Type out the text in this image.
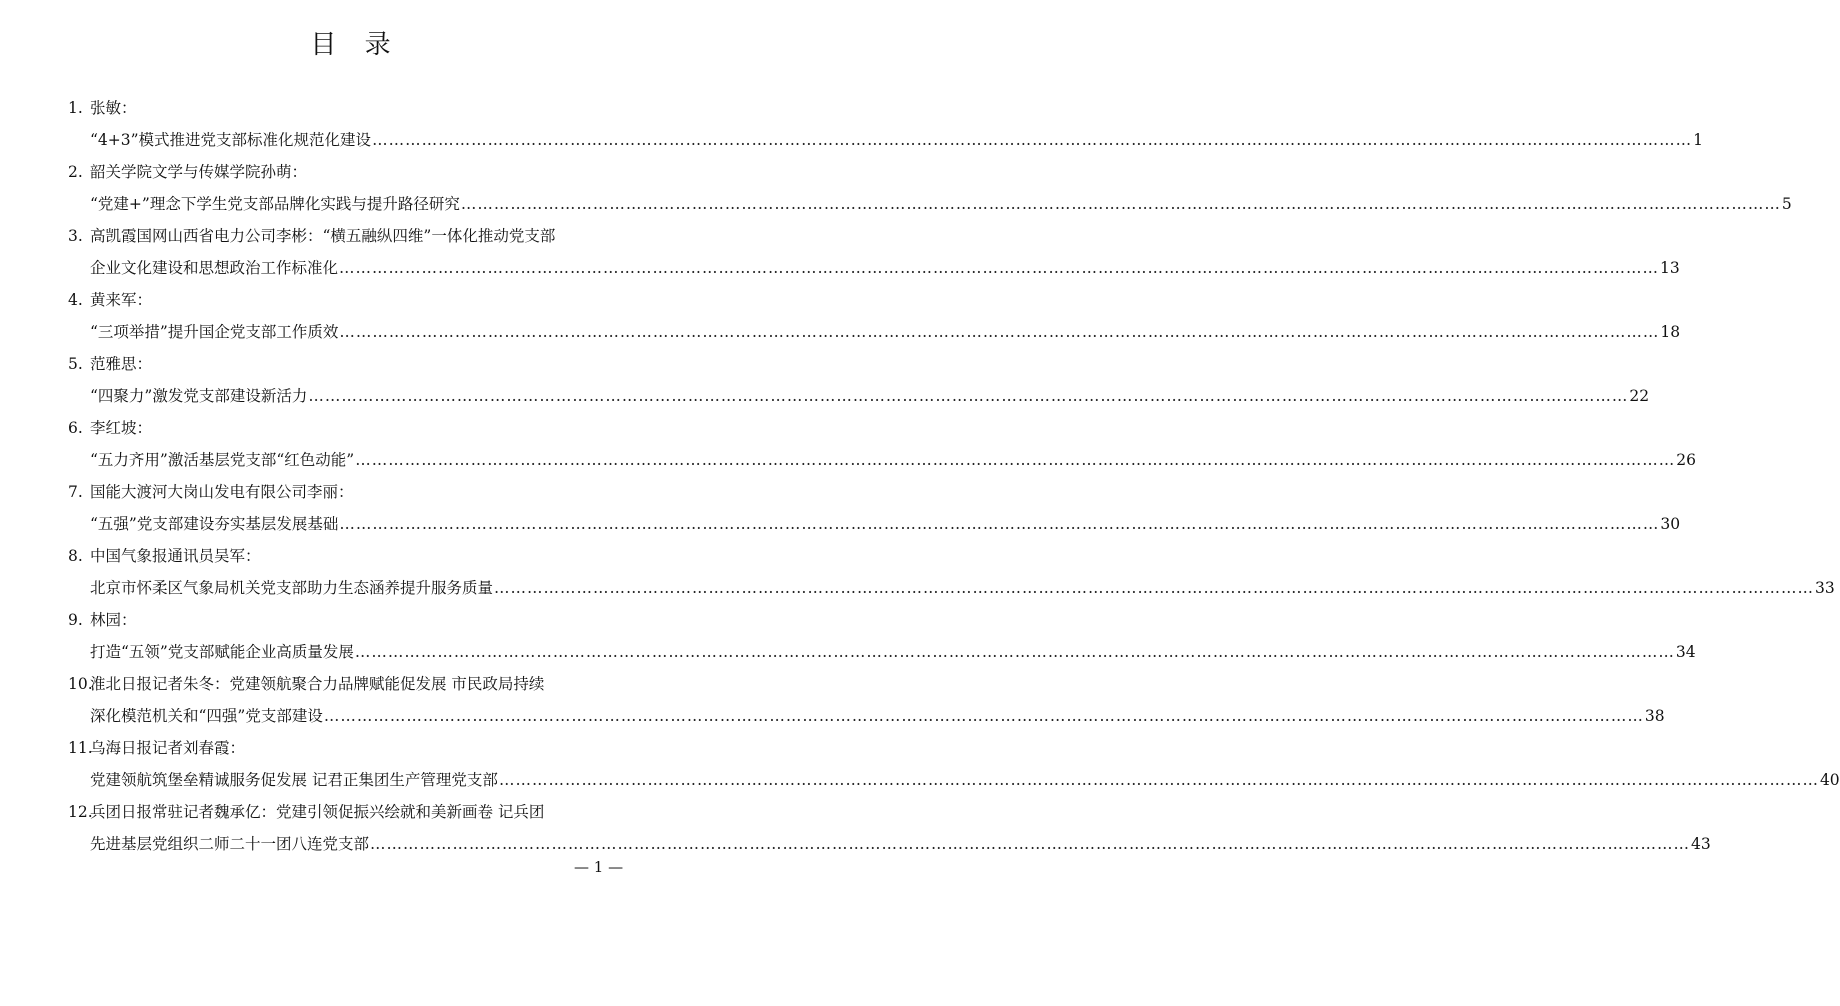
目 录
1. 张敏：
“4+3”模式推进党支部标准化规范化建设 …………………………………………………………………………………………………………………………………………………………………………………………………………………… 1
2. 韶关学院文学与传媒学院孙萌：
“党建+”理念下学生党支部品牌化实践与提升路径研究 …………………………………………………………………………………………………………………………………………………………………………………………………………………… 5
3. 高凯霞国网山西省电力公司李彬：“横五融纵四维”一体化推动党支部
企业文化建设和思想政治工作标准化 …………………………………………………………………………………………………………………………………………………………………………………………………………………… 13
4. 黄来军：
“三项举措”提升国企党支部工作质效 …………………………………………………………………………………………………………………………………………………………………………………………………………………… 18
5. 范雅思：
“四聚力”激发党支部建设新活力 …………………………………………………………………………………………………………………………………………………………………………………………………………………… 22
6. 李红坡：
“五力齐用”激活基层党支部“红色动能” …………………………………………………………………………………………………………………………………………………………………………………………………………………… 26
7. 国能大渡河大岗山发电有限公司李丽：
“五强”党支部建设夯实基层发展基础 …………………………………………………………………………………………………………………………………………………………………………………………………………………… 30
8. 中国气象报通讯员吴军：
北京市怀柔区气象局机关党支部助力生态涵养提升服务质量 …………………………………………………………………………………………………………………………………………………………………………………………………………………… 33
9. 林园：
打造“五领”党支部赋能企业高质量发展 …………………………………………………………………………………………………………………………………………………………………………………………………………………… 34
10.
淮北日报记者朱冬：党建领航聚合力品牌赋能促发展 市民政局持续
深化模范机关和“四强”党支部建设 …………………………………………………………………………………………………………………………………………………………………………………………………………………… 38
11.
乌海日报记者刘春霞：
党建领航筑堡垒精诚服务促发展 记君正集团生产管理党支部 …………………………………………………………………………………………………………………………………………………………………………………………………………………… 40
12.
兵团日报常驻记者魏承亿：党建引领促振兴绘就和美新画卷 记兵团
先进基层党组织二师二十一团八连党支部 …………………………………………………………………………………………………………………………………………………………………………………………………………………… 43
— 1 —
